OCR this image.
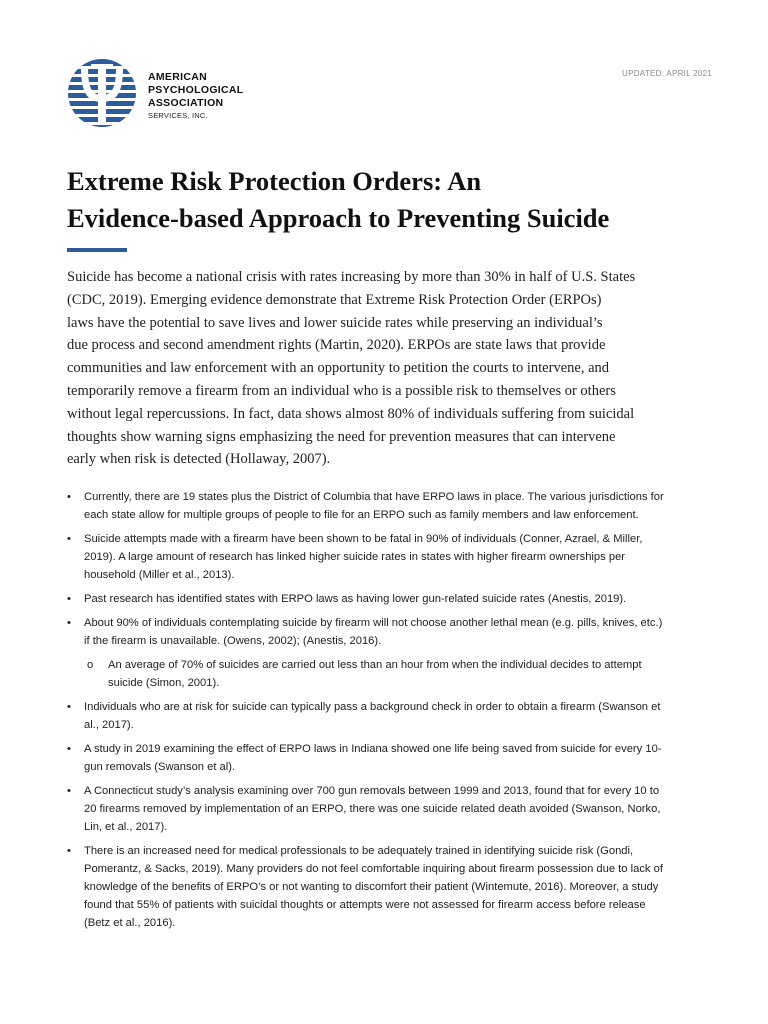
AMERICAN
PSYCHOLOGICAL
ASSOCIATION
SERVICES, INC.
UPDATED: APRIL 2021
Extreme Risk Protection Orders: An
Evidence-based Approach to Preventing Suicide
Suicide has become a national crisis with rates increasing by more than 30% in half of U.S. States
(CDC, 2019). Emerging evidence demonstrate that Extreme Risk Protection Order (ERPOs)
laws have the potential to save lives and lower suicide rates while preserving an individual’s
due process and second amendment rights (Martin, 2020). ERPOs are state laws that provide
communities and law enforcement with an opportunity to petition the courts to intervene, and
temporarily remove a firearm from an individual who is a possible risk to themselves or others
without legal repercussions. In fact, data shows almost 80% of individuals suffering from suicidal
thoughts show warning signs emphasizing the need for prevention measures that can intervene
early when risk is detected (Hollaway, 2007).
• Currently, there are 19 states plus the District of Columbia that have ERPO laws in place. The various jurisdictions for
each state allow for multiple groups of people to file for an ERPO such as family members and law enforcement.
• Suicide attempts made with a firearm have been shown to be fatal in 90% of individuals (Conner, Azrael, & Miller,
2019). A large amount of research has linked higher suicide rates in states with higher firearm ownerships per
household (Miller et al., 2013).
• Past research has identified states with ERPO laws as having lower gun-related suicide rates (Anestis, 2019).
• About 90% of individuals contemplating suicide by firearm will not choose another lethal mean (e.g. pills, knives, etc.)
if the firearm is unavailable. (Owens, 2002); (Anestis, 2016).
o An average of 70% of suicides are carried out less than an hour from when the individual decides to attempt
suicide (Simon, 2001).
• Individuals who are at risk for suicide can typically pass a background check in order to obtain a firearm (Swanson et
al., 2017).
• A study in 2019 examining the effect of ERPO laws in Indiana showed one life being saved from suicide for every 10-
gun removals (Swanson et al).
• A Connecticut study’s analysis examining over 700 gun removals between 1999 and 2013, found that for every 10 to
20 firearms removed by implementation of an ERPO, there was one suicide related death avoided (Swanson, Norko,
Lin, et al., 2017).
• There is an increased need for medical professionals to be adequately trained in identifying suicide risk (Gondi,
Pomerantz, & Sacks, 2019). Many providers do not feel comfortable inquiring about firearm possession due to lack of
knowledge of the benefits of ERPO’s or not wanting to discomfort their patient (Wintemute, 2016). Moreover, a study
found that 55% of patients with suicidal thoughts or attempts were not assessed for firearm access before release
(Betz et al., 2016).
